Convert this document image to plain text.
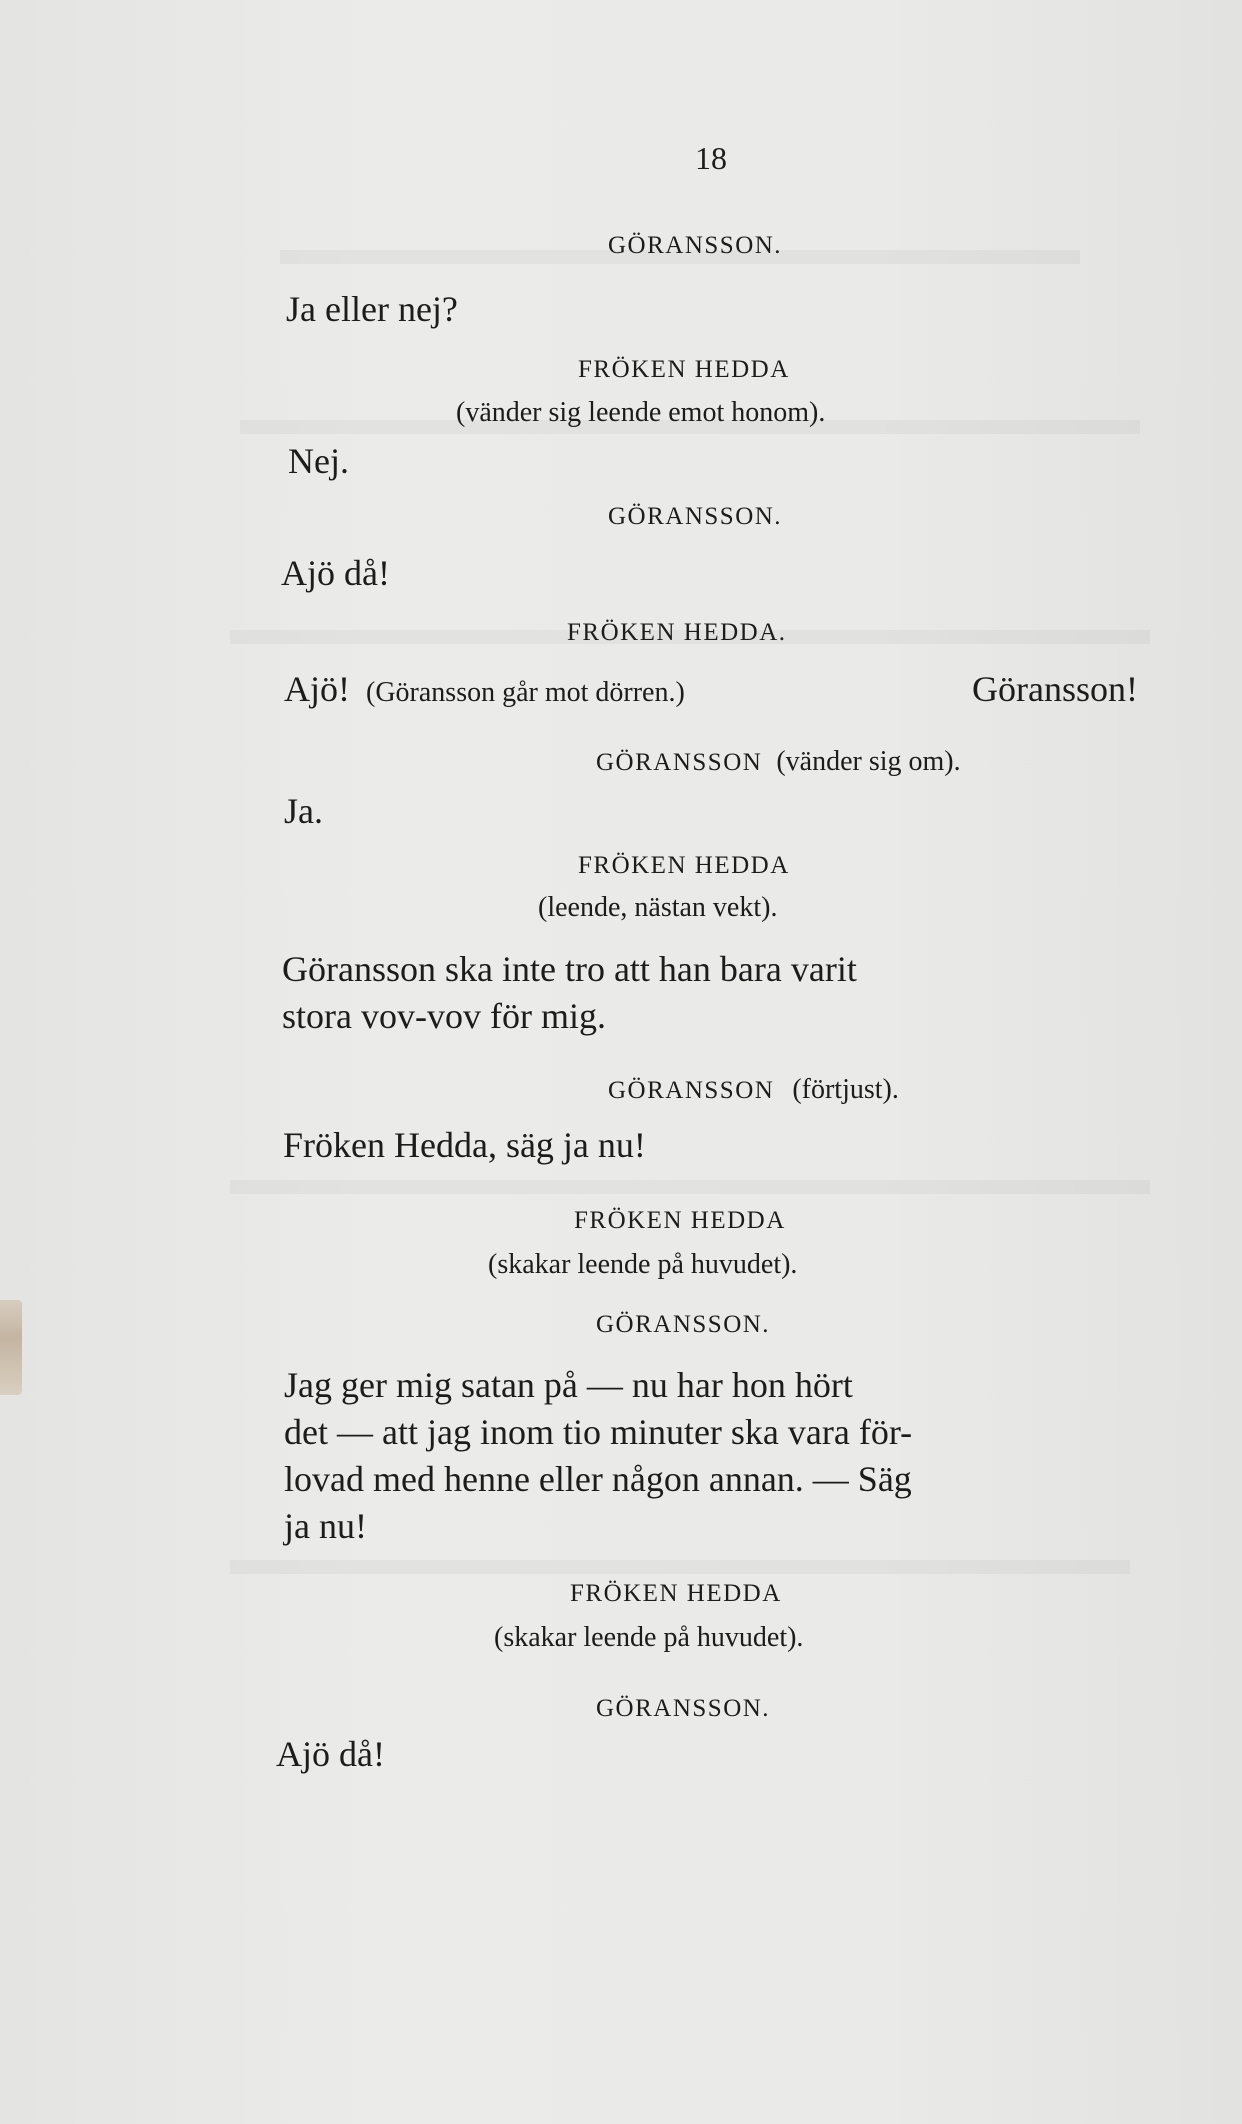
18
GÖRANSSON.
Ja eller nej?
FRÖKEN HEDDA
(vänder sig leende emot honom).
Nej.
GÖRANSSON.
Ajö då!
FRÖKEN HEDDA.
Ajö! (Göransson går mot dörren.)	Göransson!
GÖRANSSON (vänder sig om).
Ja.
FRÖKEN HEDDA
(leende, nästan vekt).
Göransson ska inte tro att han bara varit
stora vov-vov för mig.
GÖRANSSON (förtjust).
Fröken Hedda, säg ja nu!
FRÖKEN HEDDA
(skakar leende på huvudet).
GÖRANSSON.
Jag ger mig satan på — nu har hon hört
det — att jag inom tio minuter ska vara för-
lovad med henne eller någon annan. — Säg
ja nu!
FRÖKEN HEDDA
(skakar leende på huvudet).
GÖRANSSON.
Ajö då!
